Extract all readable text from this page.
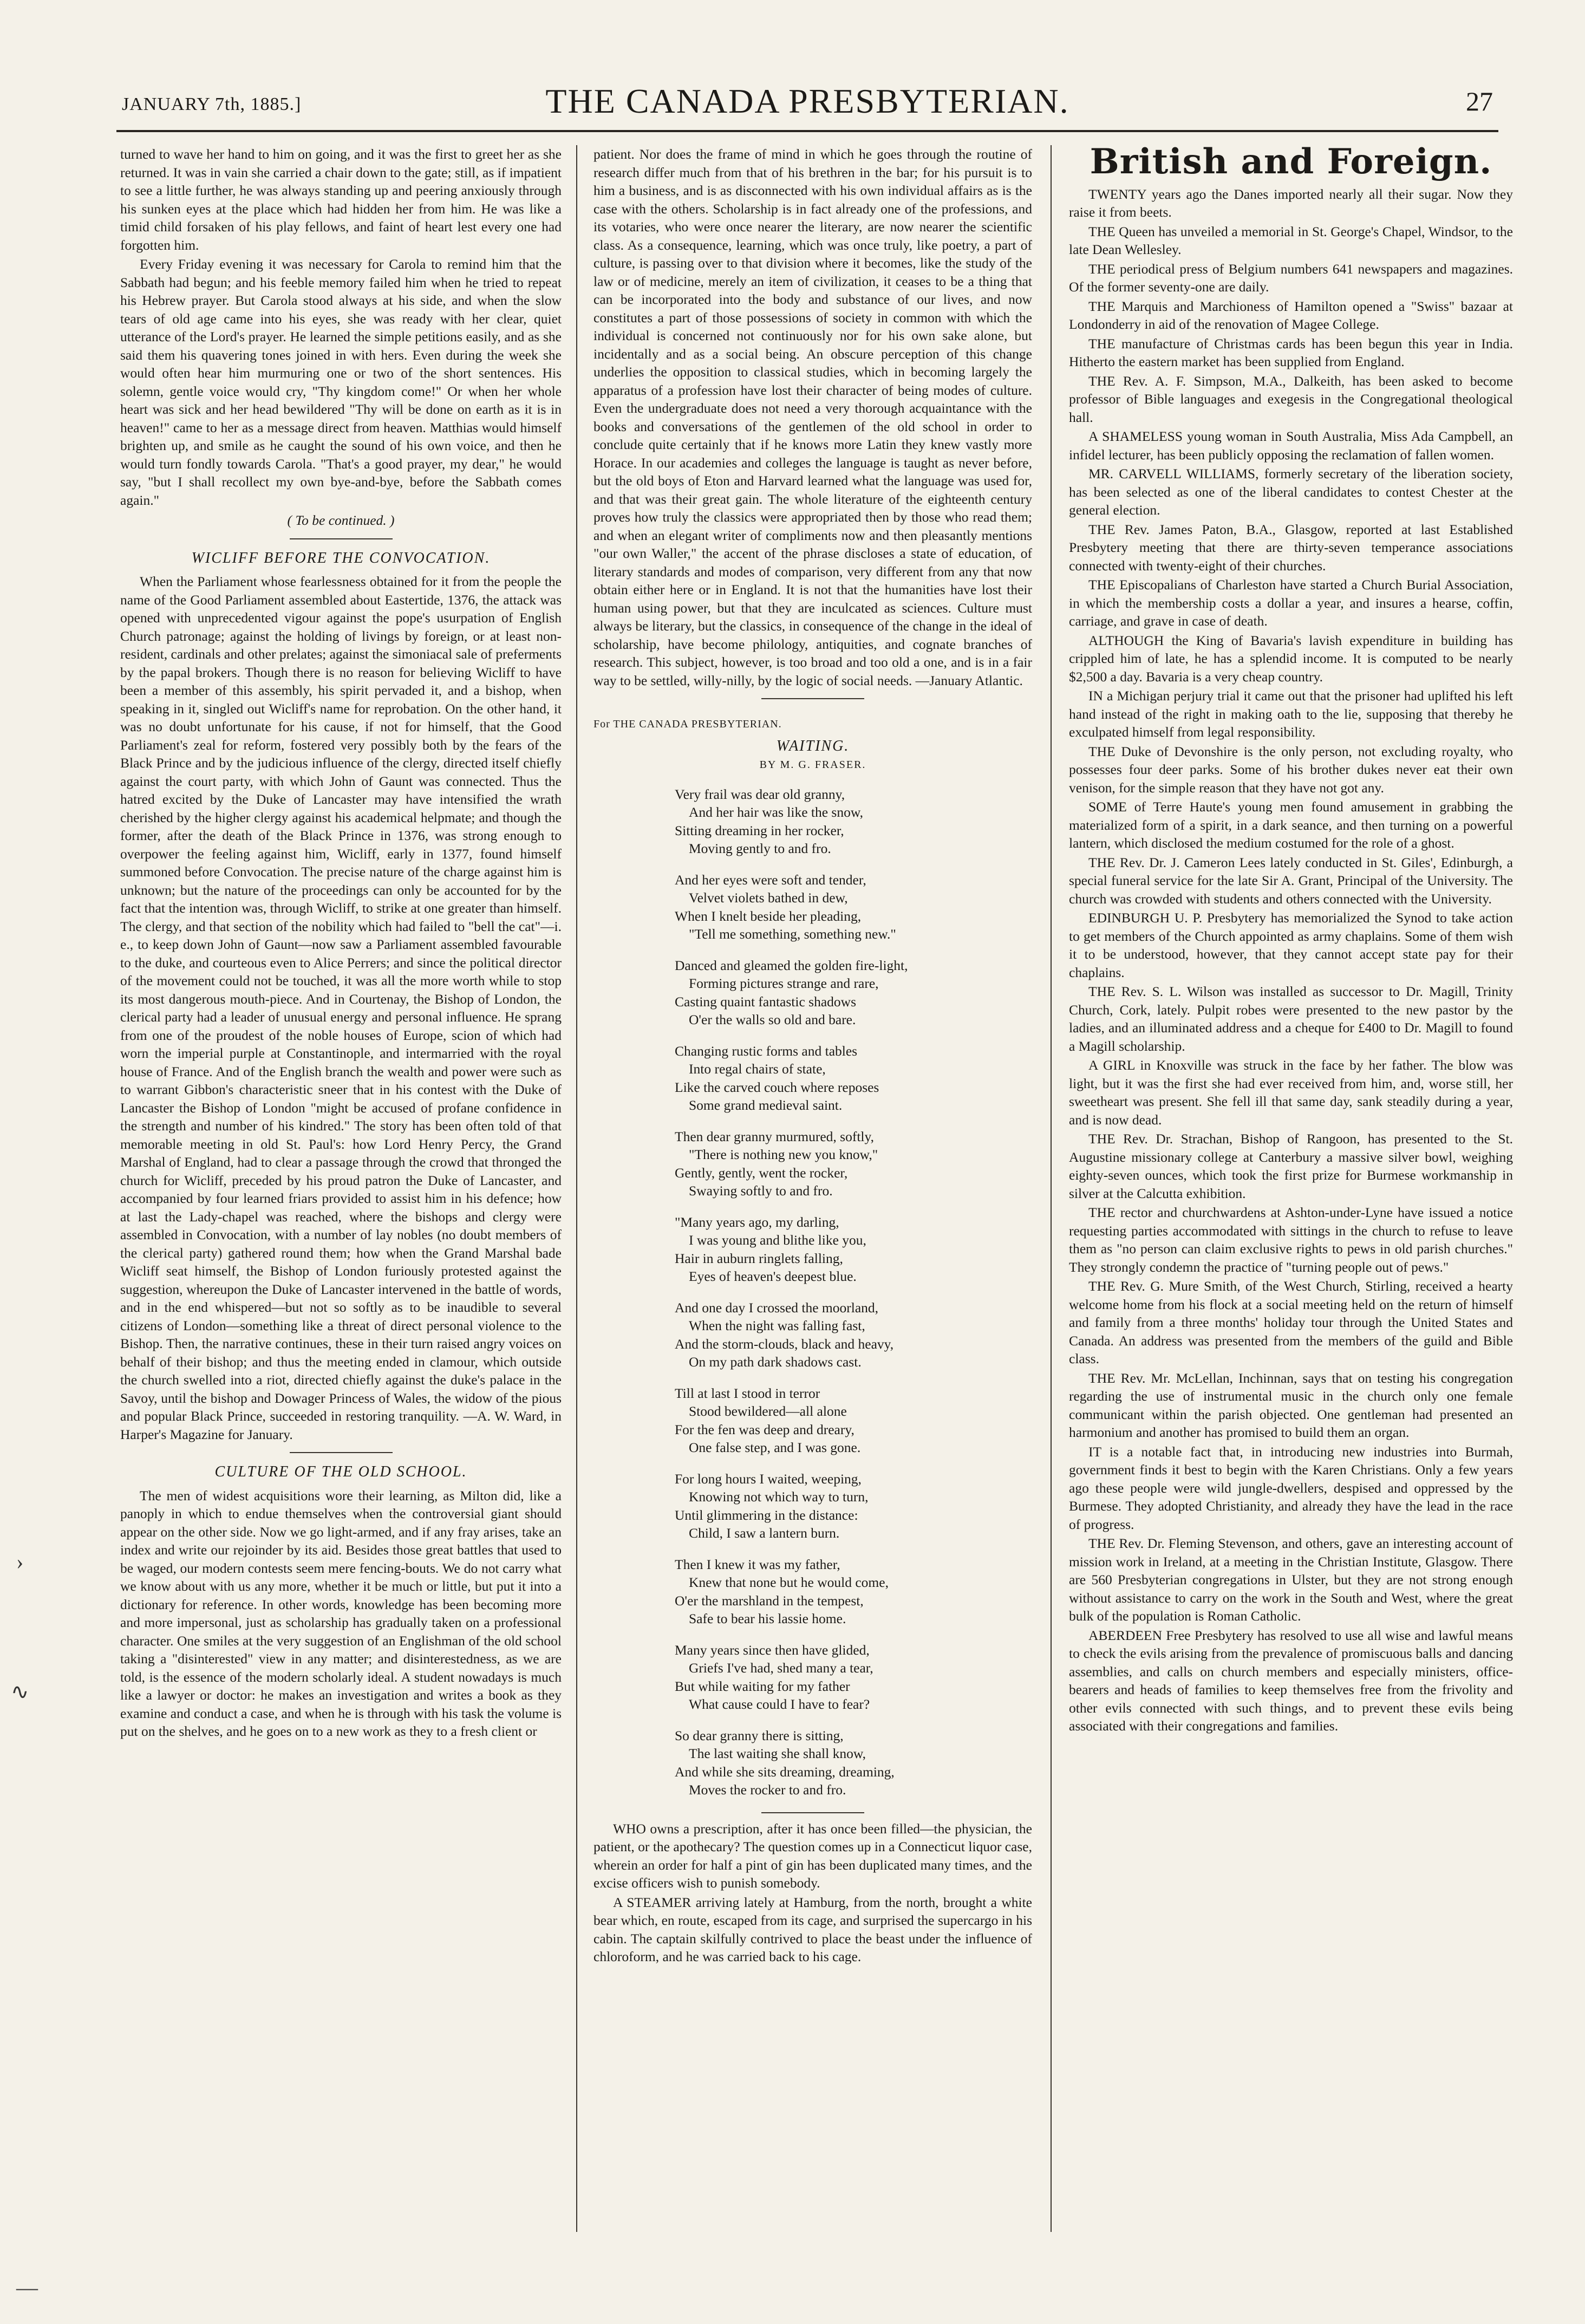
JANUARY 7th, 1885.]	THE CANADA PRESBYTERIAN.	27
›
∿
—

turned to wave her hand to him on going, and it was the first to greet her as she returned. It was in vain she carried a chair down to the gate; still, as if impatient to see a little further, he was always standing up and peering anxiously through his sunken eyes at the place which had hidden her from him. He was like a timid child forsaken of his play fellows, and faint of heart lest every one had forgotten him.

Every Friday evening it was necessary for Carola to remind him that the Sabbath had begun; and his feeble memory failed him when he tried to repeat his Hebrew prayer. But Carola stood always at his side, and when the slow tears of old age came into his eyes, she was ready with her clear, quiet utterance of the Lord's prayer. He learned the simple petitions easily, and as she said them his quavering tones joined in with hers. Even during the week she would often hear him murmuring one or two of the short sentences. His solemn, gentle voice would cry, "Thy kingdom come!" Or when her whole heart was sick and her head bewildered "Thy will be done on earth as it is in heaven!" came to her as a message direct from heaven. Matthias would himself brighten up, and smile as he caught the sound of his own voice, and then he would turn fondly towards Carola. "That's a good prayer, my dear," he would say, "but I shall recollect my own bye-and-bye, before the Sabbath comes again."

( To be continued. )
WICLIFF BEFORE THE CONVOCATION.

When the Parliament whose fearlessness obtained for it from the people the name of the Good Parliament assembled about Eastertide, 1376, the attack was opened with unprecedented vigour against the pope's usurpation of English Church patronage; against the holding of livings by foreign, or at least non-resident, cardinals and other prelates; against the simoniacal sale of preferments by the papal brokers. Though there is no reason for believing Wicliff to have been a member of this assembly, his spirit pervaded it, and a bishop, when speaking in it, singled out Wicliff's name for reprobation. On the other hand, it was no doubt unfortunate for his cause, if not for himself, that the Good Parliament's zeal for reform, fostered very possibly both by the fears of the Black Prince and by the judicious influence of the clergy, directed itself chiefly against the court party, with which John of Gaunt was connected. Thus the hatred excited by the Duke of Lancaster may have intensified the wrath cherished by the higher clergy against his academical helpmate; and though the former, after the death of the Black Prince in 1376, was strong enough to overpower the feeling against him, Wicliff, early in 1377, found himself summoned before Convocation. The precise nature of the charge against him is unknown; but the nature of the proceedings can only be accounted for by the fact that the intention was, through Wicliff, to strike at one greater than himself. The clergy, and that section of the nobility which had failed to "bell the cat"—i. e., to keep down John of Gaunt—now saw a Parliament assembled favourable to the duke, and courteous even to Alice Perrers; and since the political director of the movement could not be touched, it was all the more worth while to stop its most dangerous mouth-piece. And in Courtenay, the Bishop of London, the clerical party had a leader of unusual energy and personal influence. He sprang from one of the proudest of the noble houses of Europe, scion of which had worn the imperial purple at Constantinople, and intermarried with the royal house of France. And of the English branch the wealth and power were such as to warrant Gibbon's characteristic sneer that in his contest with the Duke of Lancaster the Bishop of London "might be accused of profane confidence in the strength and number of his kindred." The story has been often told of that memorable meeting in old St. Paul's: how Lord Henry Percy, the Grand Marshal of England, had to clear a passage through the crowd that thronged the church for Wicliff, preceded by his proud patron the Duke of Lancaster, and accompanied by four learned friars provided to assist him in his defence; how at last the Lady-chapel was reached, where the bishops and clergy were assembled in Convocation, with a number of lay nobles (no doubt members of the clerical party) gathered round them; how when the Grand Marshal bade Wicliff seat himself, the Bishop of London furiously protested against the suggestion, whereupon the Duke of Lancaster intervened in the battle of words, and in the end whispered—but not so softly as to be inaudible to several citizens of London—something like a threat of direct personal violence to the Bishop. Then, the narrative continues, these in their turn raised angry voices on behalf of their bishop; and thus the meeting ended in clamour, which outside the church swelled into a riot, directed chiefly against the duke's palace in the Savoy, until the bishop and Dowager Princess of Wales, the widow of the pious and popular Black Prince, succeeded in restoring tranquility. —A. W. Ward, in Harper's Magazine for January.

CULTURE OF THE OLD SCHOOL.

The men of widest acquisitions wore their learning, as Milton did, like a panoply in which to endue themselves when the controversial giant should appear on the other side. Now we go light-armed, and if any fray arises, take an index and write our rejoinder by its aid. Besides those great battles that used to be waged, our modern contests seem mere fencing-bouts. We do not carry what we know about with us any more, whether it be much or little, but put it into a dictionary for reference. In other words, knowledge has been becoming more and more impersonal, just as scholarship has gradually taken on a professional character. One smiles at the very suggestion of an Englishman of the old school taking a "disinterested" view in any matter; and disinterestedness, as we are told, is the essence of the modern scholarly ideal. A student nowadays is much like a lawyer or doctor: he makes an investigation and writes a book as they examine and conduct a case, and when he is through with his task the volume is put on the shelves, and he goes on to a new work as they to a fresh client or

patient. Nor does the frame of mind in which he goes through the routine of research differ much from that of his brethren in the bar; for his pursuit is to him a business, and is as disconnected with his own individual affairs as is the case with the others. Scholarship is in fact already one of the professions, and its votaries, who were once nearer the literary, are now nearer the scientific class. As a consequence, learning, which was once truly, like poetry, a part of culture, is passing over to that division where it becomes, like the study of the law or of medicine, merely an item of civilization, it ceases to be a thing that can be incorporated into the body and substance of our lives, and now constitutes a part of those possessions of society in common with which the individual is concerned not continuously nor for his own sake alone, but incidentally and as a social being. An obscure perception of this change underlies the opposition to classical studies, which in becoming largely the apparatus of a profession have lost their character of being modes of culture. Even the undergraduate does not need a very thorough acquaintance with the books and conversations of the gentlemen of the old school in order to conclude quite certainly that if he knows more Latin they knew vastly more Horace. In our academies and colleges the language is taught as never before, but the old boys of Eton and Harvard learned what the language was used for, and that was their great gain. The whole literature of the eighteenth century proves how truly the classics were appropriated then by those who read them; and when an elegant writer of compliments now and then pleasantly mentions "our own Waller," the accent of the phrase discloses a state of education, of literary standards and modes of comparison, very different from any that now obtain either here or in England. It is not that the humanities have lost their human using power, but that they are inculcated as sciences. Culture must always be literary, but the classics, in consequence of the change in the ideal of scholarship, have become philology, antiquities, and cognate branches of research. This subject, however, is too broad and too old a one, and is in a fair way to be settled, willy-nilly, by the logic of social needs. —January Atlantic.

For THE CANADA PRESBYTERIAN.
WAITING.
BY M. G. FRASER.
Very frail was dear old granny,
And her hair was like the snow,
Sitting dreaming in her rocker,
Moving gently to and fro.
And her eyes were soft and tender,
Velvet violets bathed in dew,
When I knelt beside her pleading,
"Tell me something, something new."
Danced and gleamed the golden fire-light,
Forming pictures strange and rare,
Casting quaint fantastic shadows
O'er the walls so old and bare.
Changing rustic forms and tables
Into regal chairs of state,
Like the carved couch where reposes
Some grand medieval saint.
Then dear granny murmured, softly,
"There is nothing new you know,"
Gently, gently, went the rocker,
Swaying softly to and fro.
"Many years ago, my darling,
I was young and blithe like you,
Hair in auburn ringlets falling,
Eyes of heaven's deepest blue.
And one day I crossed the moorland,
When the night was falling fast,
And the storm-clouds, black and heavy,
On my path dark shadows cast.
Till at last I stood in terror
Stood bewildered—all alone
For the fen was deep and dreary,
One false step, and I was gone.
For long hours I waited, weeping,
Knowing not which way to turn,
Until glimmering in the distance:
Child, I saw a lantern burn.
Then I knew it was my father,
Knew that none but he would come,
O'er the marshland in the tempest,
Safe to bear his lassie home.
Many years since then have glided,
Griefs I've had, shed many a tear,
But while waiting for my father
What cause could I have to fear?
So dear granny there is sitting,
The last waiting she shall know,
And while she sits dreaming, dreaming,
Moves the rocker to and fro.

WHO owns a prescription, after it has once been filled—the physician, the patient, or the apothecary? The question comes up in a Connecticut liquor case, wherein an order for half a pint of gin has been duplicated many times, and the excise officers wish to punish somebody.

A STEAMER arriving lately at Hamburg, from the north, brought a white bear which, en route, escaped from its cage, and surprised the supercargo in his cabin. The captain skilfully contrived to place the beast under the influence of chloroform, and he was carried back to his cage.

British and Foreign.

TWENTY years ago the Danes imported nearly all their sugar. Now they raise it from beets.

THE Queen has unveiled a memorial in St. George's Chapel, Windsor, to the late Dean Wellesley.

THE periodical press of Belgium numbers 641 newspapers and magazines. Of the former seventy-one are daily.

THE Marquis and Marchioness of Hamilton opened a "Swiss" bazaar at Londonderry in aid of the renovation of Magee College.

THE manufacture of Christmas cards has been begun this year in India. Hitherto the eastern market has been supplied from England.

THE Rev. A. F. Simpson, M.A., Dalkeith, has been asked to become professor of Bible languages and exegesis in the Congregational theological hall.

A SHAMELESS young woman in South Australia, Miss Ada Campbell, an infidel lecturer, has been publicly opposing the reclamation of fallen women.

MR. CARVELL WILLIAMS, formerly secretary of the liberation society, has been selected as one of the liberal candidates to contest Chester at the general election.

THE Rev. James Paton, B.A., Glasgow, reported at last Established Presbytery meeting that there are thirty-seven temperance associations connected with twenty-eight of their churches.

THE Episcopalians of Charleston have started a Church Burial Association, in which the membership costs a dollar a year, and insures a hearse, coffin, carriage, and grave in case of death.

ALTHOUGH the King of Bavaria's lavish expenditure in building has crippled him of late, he has a splendid income. It is computed to be nearly $2,500 a day. Bavaria is a very cheap country.

IN a Michigan perjury trial it came out that the prisoner had uplifted his left hand instead of the right in making oath to the lie, supposing that thereby he exculpated himself from legal responsibility.

THE Duke of Devonshire is the only person, not excluding royalty, who possesses four deer parks. Some of his brother dukes never eat their own venison, for the simple reason that they have not got any.

SOME of Terre Haute's young men found amusement in grabbing the materialized form of a spirit, in a dark seance, and then turning on a powerful lantern, which disclosed the medium costumed for the role of a ghost.

THE Rev. Dr. J. Cameron Lees lately conducted in St. Giles', Edinburgh, a special funeral service for the late Sir A. Grant, Principal of the University. The church was crowded with students and others connected with the University.

EDINBURGH U. P. Presbytery has memorialized the Synod to take action to get members of the Church appointed as army chaplains. Some of them wish it to be understood, however, that they cannot accept state pay for their chaplains.

THE Rev. S. L. Wilson was installed as successor to Dr. Magill, Trinity Church, Cork, lately. Pulpit robes were presented to the new pastor by the ladies, and an illuminated address and a cheque for £400 to Dr. Magill to found a Magill scholarship.

A GIRL in Knoxville was struck in the face by her father. The blow was light, but it was the first she had ever received from him, and, worse still, her sweetheart was present. She fell ill that same day, sank steadily during a year, and is now dead.

THE Rev. Dr. Strachan, Bishop of Rangoon, has presented to the St. Augustine missionary college at Canterbury a massive silver bowl, weighing eighty-seven ounces, which took the first prize for Burmese workmanship in silver at the Calcutta exhibition.

THE rector and churchwardens at Ashton-under-Lyne have issued a notice requesting parties accommodated with sittings in the church to refuse to leave them as "no person can claim exclusive rights to pews in old parish churches." They strongly condemn the practice of "turning people out of pews."

THE Rev. G. Mure Smith, of the West Church, Stirling, received a hearty welcome home from his flock at a social meeting held on the return of himself and family from a three months' holiday tour through the United States and Canada. An address was presented from the members of the guild and Bible class.

THE Rev. Mr. McLellan, Inchinnan, says that on testing his congregation regarding the use of instrumental music in the church only one female communicant within the parish objected. One gentleman had presented an harmonium and another has promised to build them an organ.

IT is a notable fact that, in introducing new industries into Burmah, government finds it best to begin with the Karen Christians. Only a few years ago these people were wild jungle-dwellers, despised and oppressed by the Burmese. They adopted Christianity, and already they have the lead in the race of progress.

THE Rev. Dr. Fleming Stevenson, and others, gave an interesting account of mission work in Ireland, at a meeting in the Christian Institute, Glasgow. There are 560 Presbyterian congregations in Ulster, but they are not strong enough without assistance to carry on the work in the South and West, where the great bulk of the population is Roman Catholic.

ABERDEEN Free Presbytery has resolved to use all wise and lawful means to check the evils arising from the prevalence of promiscuous balls and dancing assemblies, and calls on church members and especially ministers, office-bearers and heads of families to keep themselves free from the frivolity and other evils connected with such things, and to prevent these evils being associated with their congregations and families.
